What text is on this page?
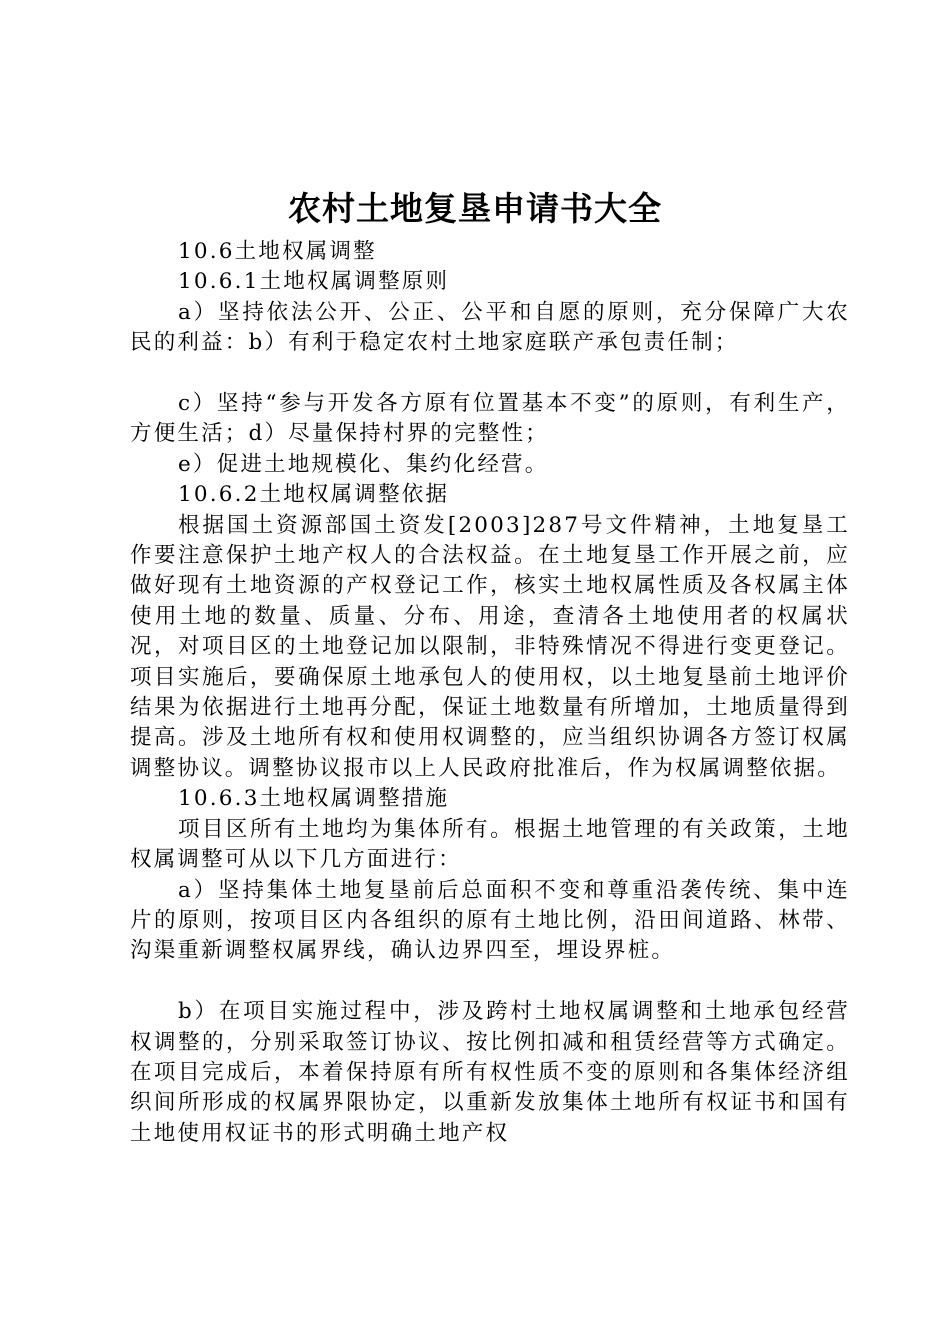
农村土地复垦申请书大全

10.6土地权属调整

10.6.1土地权属调整原则

a）坚持依法公开、公正、公平和自愿的原则，充分保障广大农民的利益：b）有利于稳定农村土地家庭联产承包责任制；

c）坚持“参与开发各方原有位置基本不变”的原则，有利生产，方便生活；d）尽量保持村界的完整性；

e）促进土地规模化、集约化经营。

10.6.2土地权属调整依据

根据国土资源部国土资发[2003]287号文件精神，土地复垦工作要注意保护土地产权人的合法权益。在土地复垦工作开展之前，应做好现有土地资源的产权登记工作，核实土地权属性质及各权属主体使用土地的数量、质量、分布、用途，查清各土地使用者的权属状况，对项目区的土地登记加以限制，非特殊情况不得进行变更登记。项目实施后，要确保原土地承包人的使用权，以土地复垦前土地评价结果为依据进行土地再分配，保证土地数量有所增加，土地质量得到提高。涉及土地所有权和使用权调整的，应当组织协调各方签订权属调整协议。调整协议报市以上人民政府批准后，作为权属调整依据。

10.6.3土地权属调整措施

项目区所有土地均为集体所有。根据土地管理的有关政策，土地权属调整可从以下几方面进行：

a）坚持集体土地复垦前后总面积不变和尊重沿袭传统、集中连片的原则，按项目区内各组织的原有土地比例，沿田间道路、林带、沟渠重新调整权属界线，确认边界四至，埋设界桩。

b）在项目实施过程中，涉及跨村土地权属调整和土地承包经营权调整的，分别采取签订协议、按比例扣减和租赁经营等方式确定。在项目完成后，本着保持原有所有权性质不变的原则和各集体经济组织间所形成的权属界限协定，以重新发放集体土地所有权证书和国有土地使用权证书的形式明确土地产权
